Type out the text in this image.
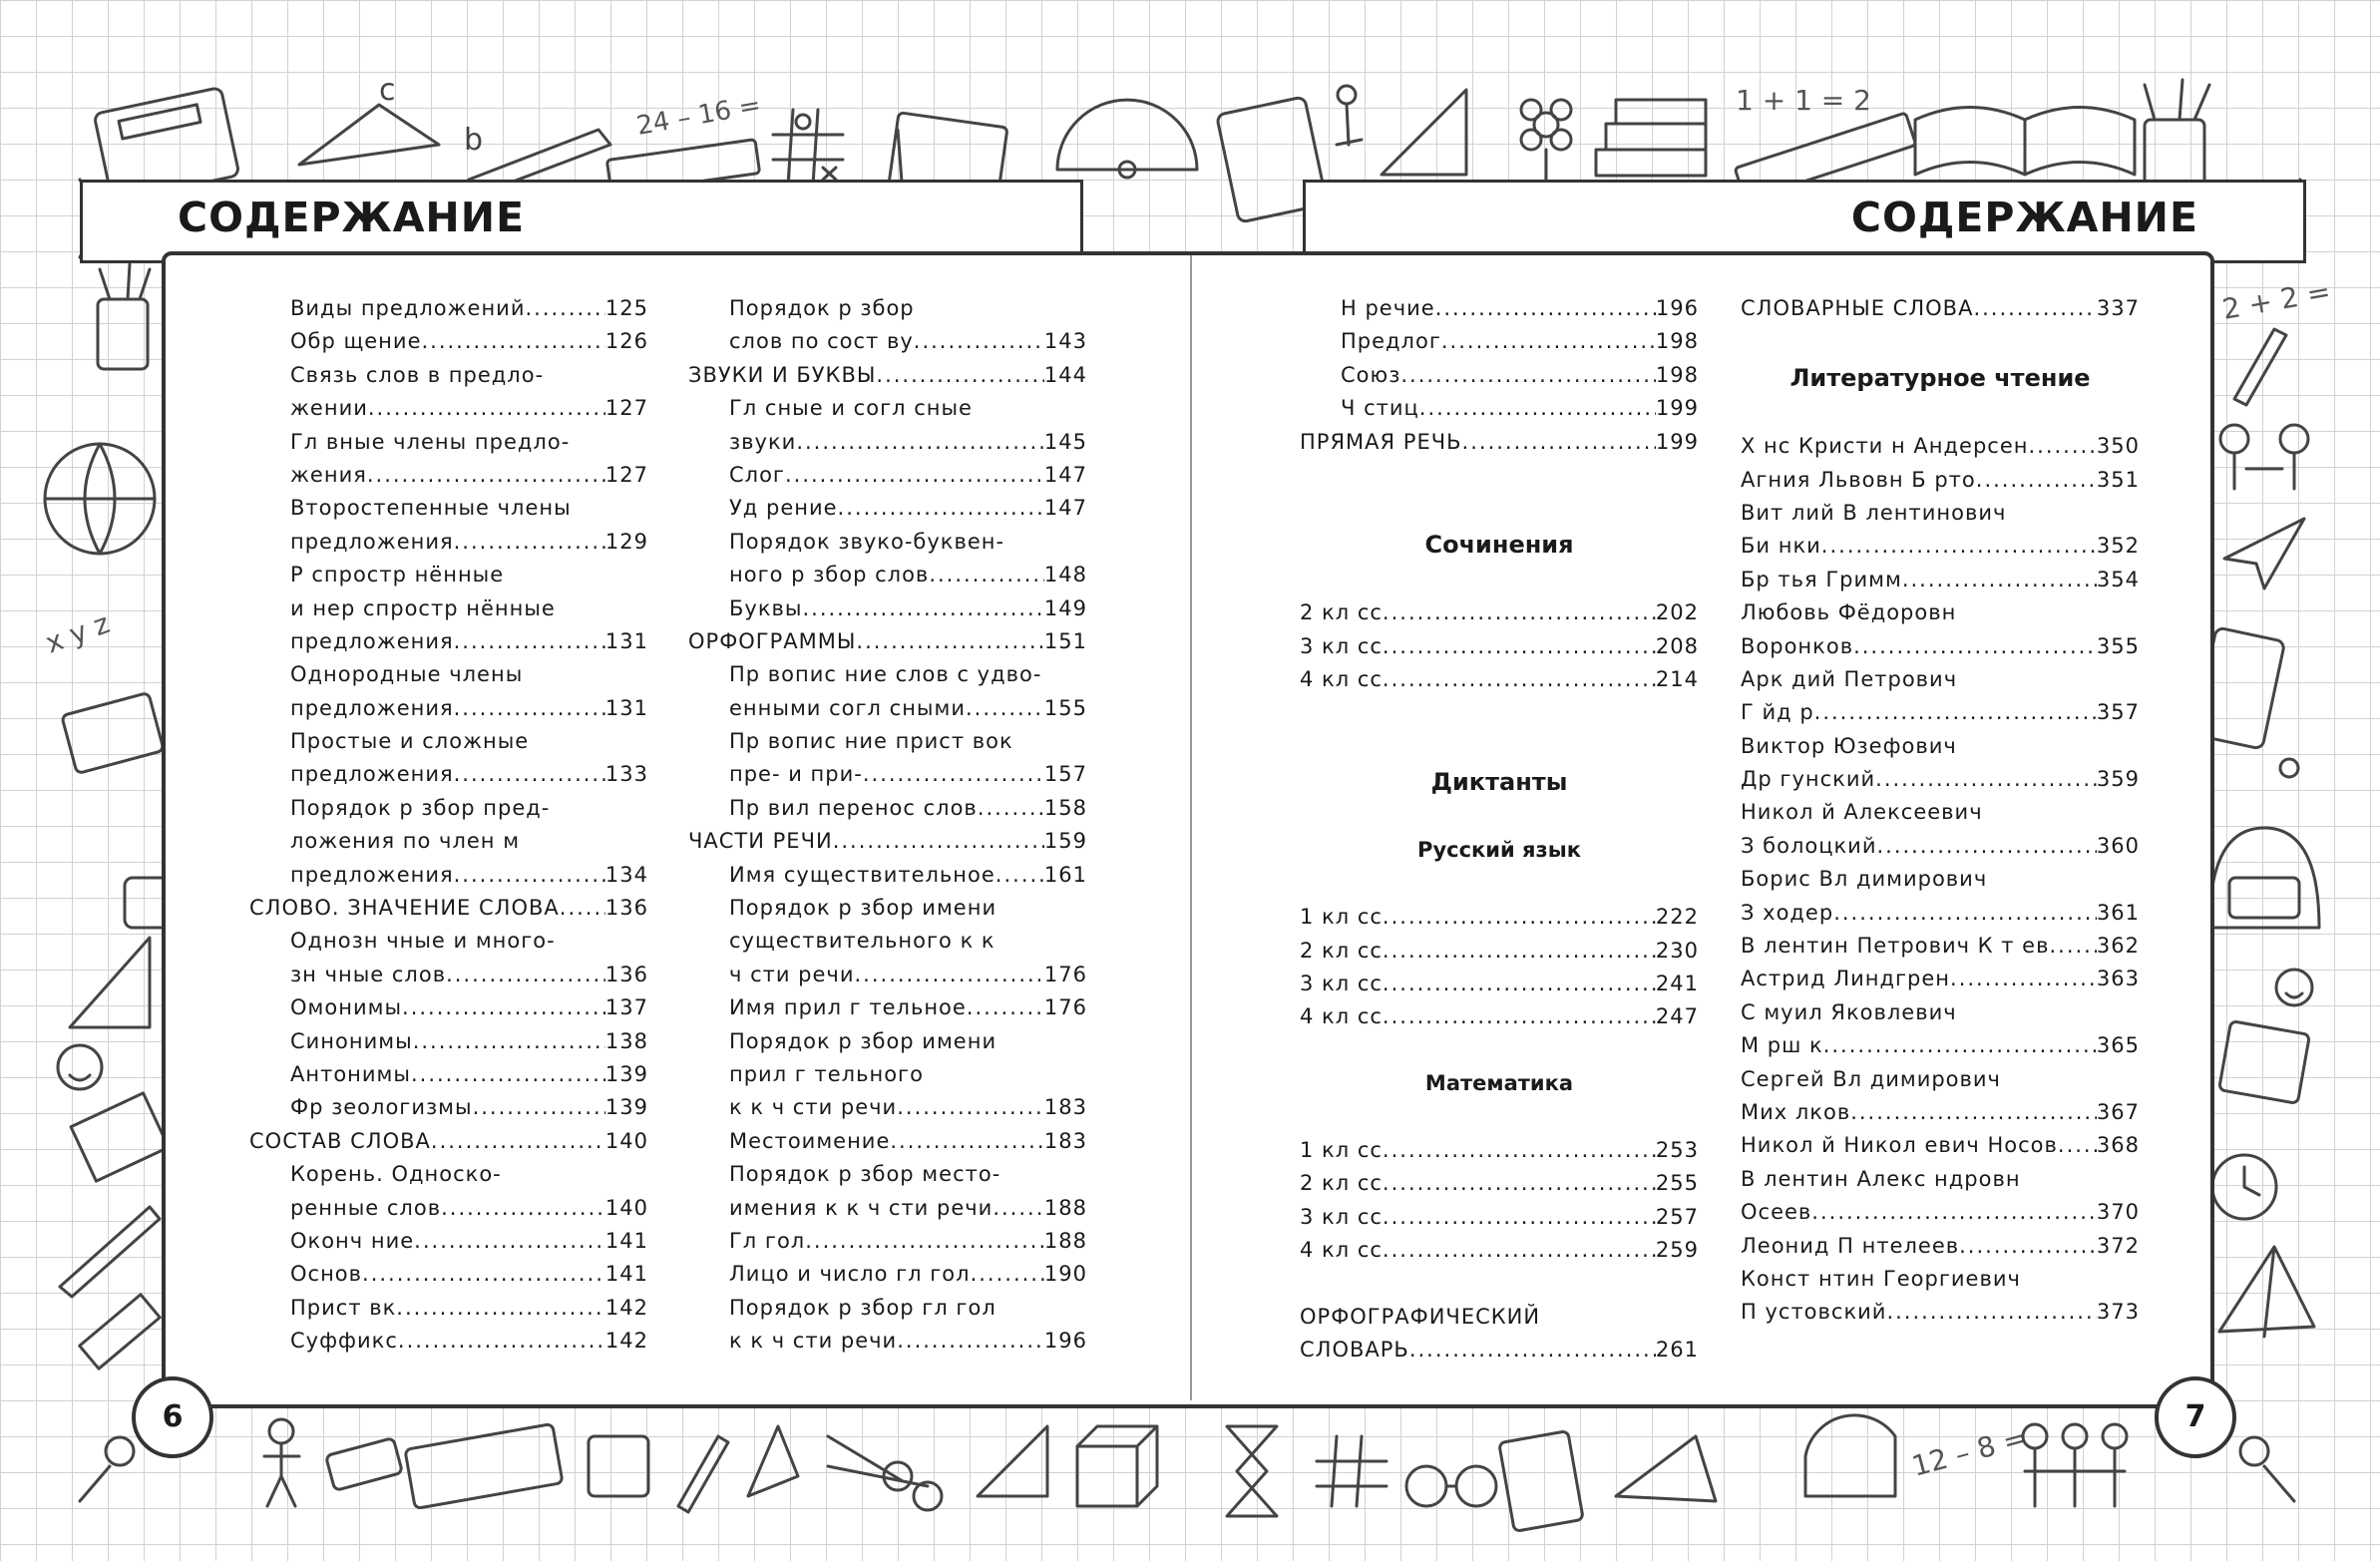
c
b	24 – 16 =	1 + 1 = 2
x y z
2 + 2 =
12 – 8 =
СОДЕРЖАНИЕ	СОДЕРЖАНИЕ
Виды предложений .....	125
Обр щение .....	126
Связь слов в предло-
жении .....	127
Гл вные члены предло-
жения .....	127
Второстепенные члены
предложения .....	129
Р спростр нённые
и нер спростр нённые
предложения .....	131
Однородные члены
предложения .....	131
Простые и сложные
предложения .....	133
Порядок р збор пред-
ложения по член м
предложения .....	134
СЛОВО. ЗНАЧЕНИЕ СЛОВА ..... 136
Однозн чные и много-
зн чные слов .....	136
Омонимы .....	137
Синонимы .....	138
Антонимы .....	139
Фр зеологизмы .....	139
СОСТАВ СЛОВА .....	140
Корень. Односко-
ренные слов .....	140
Оконч ние .....	141
Основ .....	141
Прист вк .....	142
Суффикс .....	142
Порядок р збор
слов по сост ву .....	143
ЗВУКИ И БУКВЫ .....	144
Гл сные и согл сные
звуки .....	145
Слог .....	147
Уд рение .....	147
Порядок звуко-буквен-
ного р збор слов .....	148
Буквы .....	149
ОРФОГРАММЫ .....	151
Пр вопис ние слов с удво-
енными согл сными .....	155
Пр вопис ние прист вок
пре- и при- .....	157
Пр вил перенос слов .....	158
ЧАСТИ РЕЧИ .....	159
Имя существительное ..... 161
Порядок р збор имени
существительного к к
ч сти речи .....	176
Имя прил г тельное .....	176
Порядок р збор имени
прил г тельного
к к ч сти речи .....	183
Местоимение .....	183
Порядок р збор место-
имения к к ч сти речи ..... 188
Гл гол .....	188
Лицо и число гл гол .....	190
Порядок р збор гл гол
к к ч сти речи .....	196
Н речие .....	196
Предлог .....	198
Союз .....	198
Ч стиц .....	199
ПРЯМАЯ РЕЧЬ .....	199
Сочинения
2 кл сс .....	202
3 кл сс .....	208
4 кл сс .....	214
Диктанты
Русский язык
1 кл сс .....	222
2 кл сс .....	230
3 кл сс .....	241
4 кл сс .....	247
Математика
1 кл сс .....	253
2 кл сс .....	255
3 кл сс .....	257
4 кл сс .....	259
ОРФОГРАФИЧЕСКИЙ
СЛОВАРЬ .....	261
СЛОВАРНЫЕ СЛОВА .....	337
Литературное чтение
Х нс Кристи н Андерсен .....	350
Агния Львовн Б рто .....	351
Вит лий В лентинович
Би нки .....	352
Бр тья Гримм .....	354
Любовь Фёдоровн
Воронков .....	355
Арк дий Петрович
Г йд р .....	357
Виктор Юзефович
Др гунский .....	359
Никол й Алексеевич
З болоцкий .....	360
Борис Вл димирович
З ходер .....	361
В лентин Петрович К т ев ..... 362
Астрид Линдгрен .....	363
С муил Яковлевич
М рш к .....	365
Сергей Вл димирович
Мих лков .....	367
Никол й Никол евич Носов ..... 368
В лентин Алекс ндровн
Осеев .....	370
Леонид П нтелеев .....	372
Конст нтин Георгиевич
П устовский .....	373
6	7
